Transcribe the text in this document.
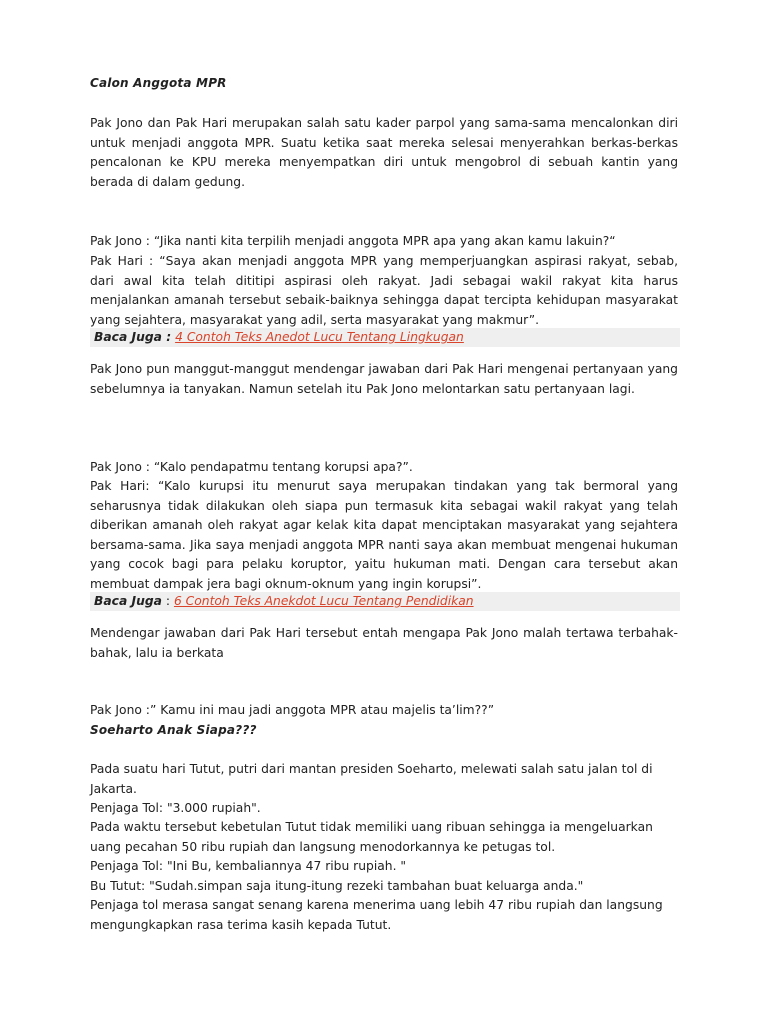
Calon Anggota MPR

Pak Jono dan Pak Hari merupakan salah satu kader parpol yang sama-sama mencalonkan diri untuk menjadi anggota MPR. Suatu ketika saat mereka selesai menyerahkan berkas-berkas pencalonan ke KPU mereka menyempatkan diri untuk mengobrol di sebuah kantin yang berada di dalam gedung.

Pak Jono : “Jika nanti kita terpilih menjadi anggota MPR apa yang akan kamu lakuin?“

Pak Hari : “Saya akan menjadi anggota MPR yang memperjuangkan aspirasi rakyat, sebab, dari awal kita telah dititipi aspirasi oleh rakyat. Jadi sebagai wakil rakyat kita harus menjalankan amanah tersebut sebaik-baiknya sehingga dapat tercipta kehidupan masyarakat yang sejahtera, masyarakat yang adil, serta masyarakat yang makmur”.

Baca Juga : 4 Contoh Teks Anedot Lucu Tentang Lingkugan

Pak Jono pun manggut-manggut mendengar jawaban dari Pak Hari mengenai pertanyaan yang sebelumnya ia tanyakan. Namun setelah itu Pak Jono melontarkan satu pertanyaan lagi.

Pak Jono : “Kalo pendapatmu tentang korupsi apa?”.

Pak Hari: “Kalo kurupsi itu menurut saya merupakan tindakan yang tak bermoral yang seharusnya tidak dilakukan oleh siapa pun termasuk kita sebagai wakil rakyat yang telah diberikan amanah oleh rakyat agar kelak kita dapat menciptakan masyarakat yang sejahtera bersama-sama. Jika saya menjadi anggota MPR nanti saya akan membuat mengenai hukuman yang cocok bagi para pelaku koruptor, yaitu hukuman mati. Dengan cara tersebut akan membuat dampak jera bagi oknum-oknum yang ingin korupsi”.

Baca Juga : 6 Contoh Teks Anekdot Lucu Tentang Pendidikan

Mendengar jawaban dari Pak Hari tersebut entah mengapa Pak Jono malah tertawa terbahak-bahak, lalu ia berkata

Pak Jono :” Kamu ini mau jadi anggota MPR atau majelis ta’lim??”

Soeharto Anak Siapa???

Pada suatu hari Tutut, putri dari mantan presiden Soeharto, melewati salah satu jalan tol di Jakarta.

Penjaga Tol: "3.000 rupiah".

Pada waktu tersebut kebetulan Tutut tidak memiliki uang ribuan sehingga ia mengeluarkan uang pecahan 50 ribu rupiah dan langsung menodorkannya ke petugas tol.

Penjaga Tol: "Ini Bu, kembaliannya 47 ribu rupiah. "

Bu Tutut: "Sudah.simpan saja itung-itung rezeki tambahan buat keluarga anda."

Penjaga tol merasa sangat senang karena menerima uang lebih 47 ribu rupiah dan langsung mengungkapkan rasa terima kasih kepada Tutut.
